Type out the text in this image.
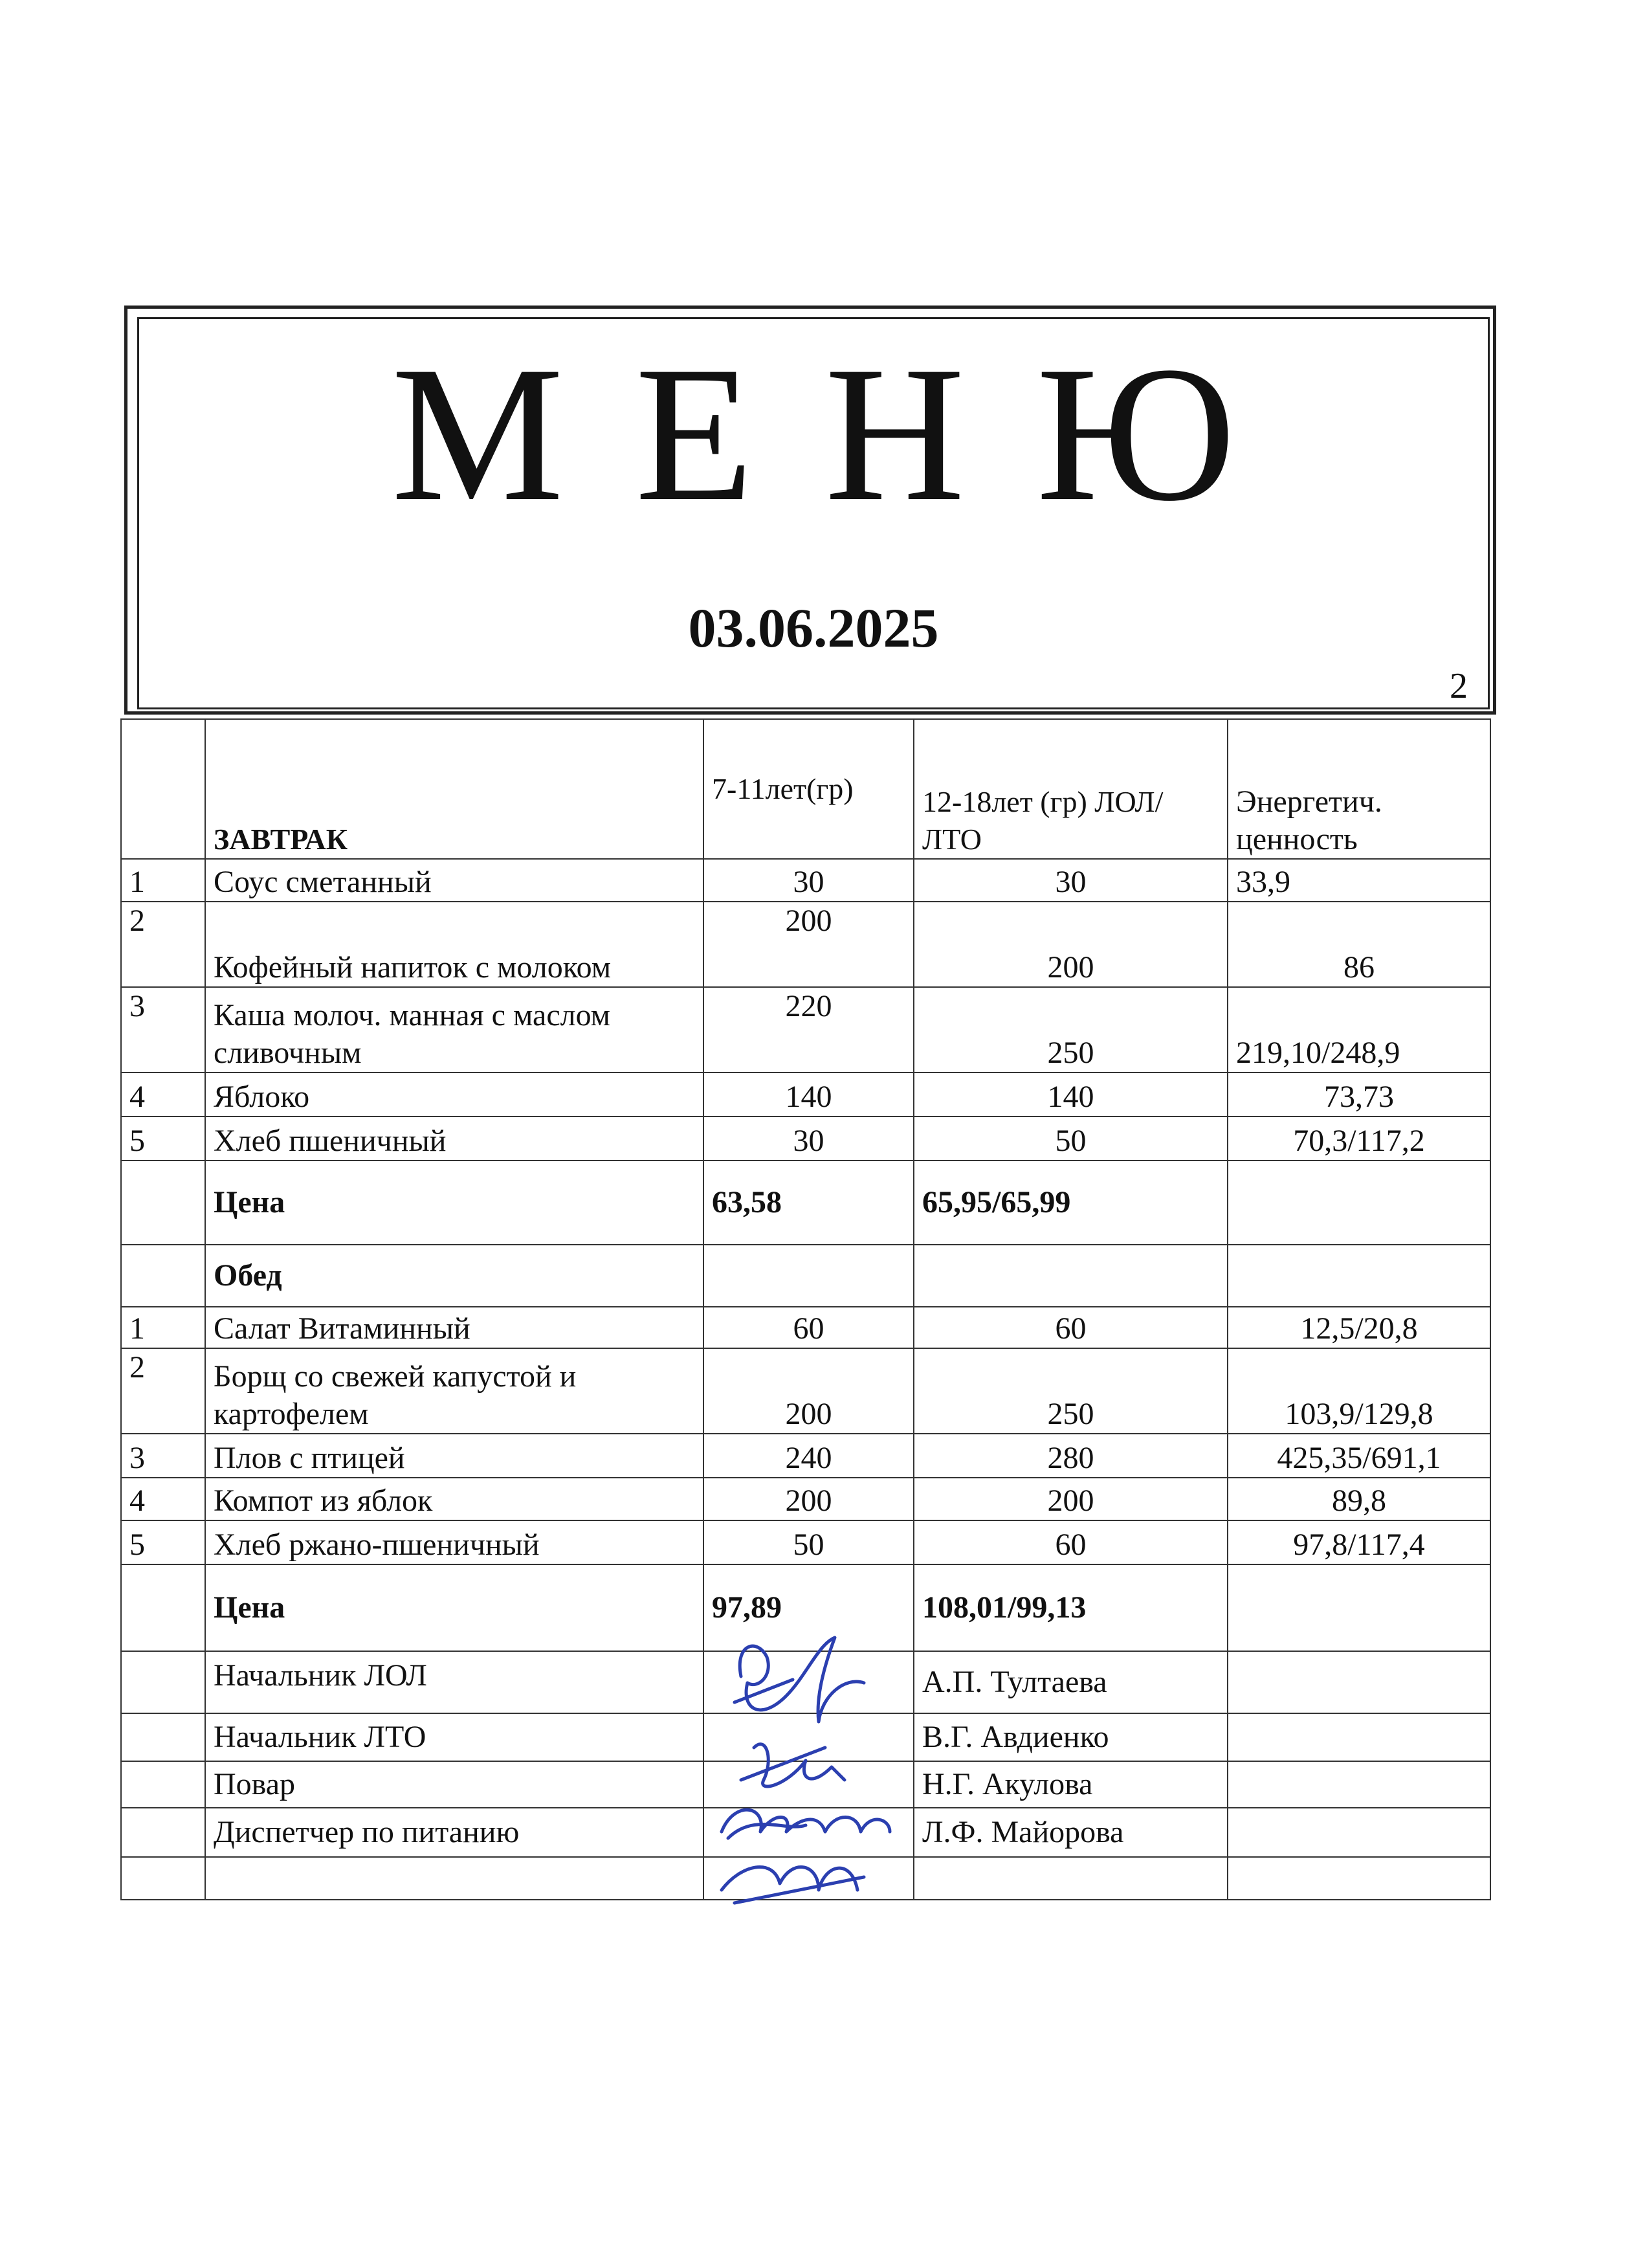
МЕНЮ
03.06.2025
2
	ЗАВТРАК	7-11лет(гр)	12-18лет (гр) ЛОЛ/ЛТО	Энергетич. ценность
1	Соус сметанный	30	30	33,9
2	Кофейный напиток с молоком	200	200	86
3	Каша молоч. манная с маслом сливочным	220	250	219,10/248,9
4	Яблоко	140	140	73,73
5	Хлеб пшеничный	30	50	70,3/117,2
	Цена	63,58	65,95/65,99	
	Обед			
1	Салат Витаминный	60	60	12,5/20,8
2	Борщ со свежей капустой и картофелем	200	250	103,9/129,8
3	Плов с птицей	240	280	425,35/691,1
4	Компот из яблок	200	200	89,8
5	Хлеб ржано-пшеничный	50	60	97,8/117,4
	Цена	97,89	108,01/99,13	
	Начальник ЛОЛ		А.П. Тултаева	
	Начальник ЛТО		В.Г. Авдиенко	
	Повар		Н.Г. Акулова	
	Диспетчер по питанию		Л.Ф. Майорова	
